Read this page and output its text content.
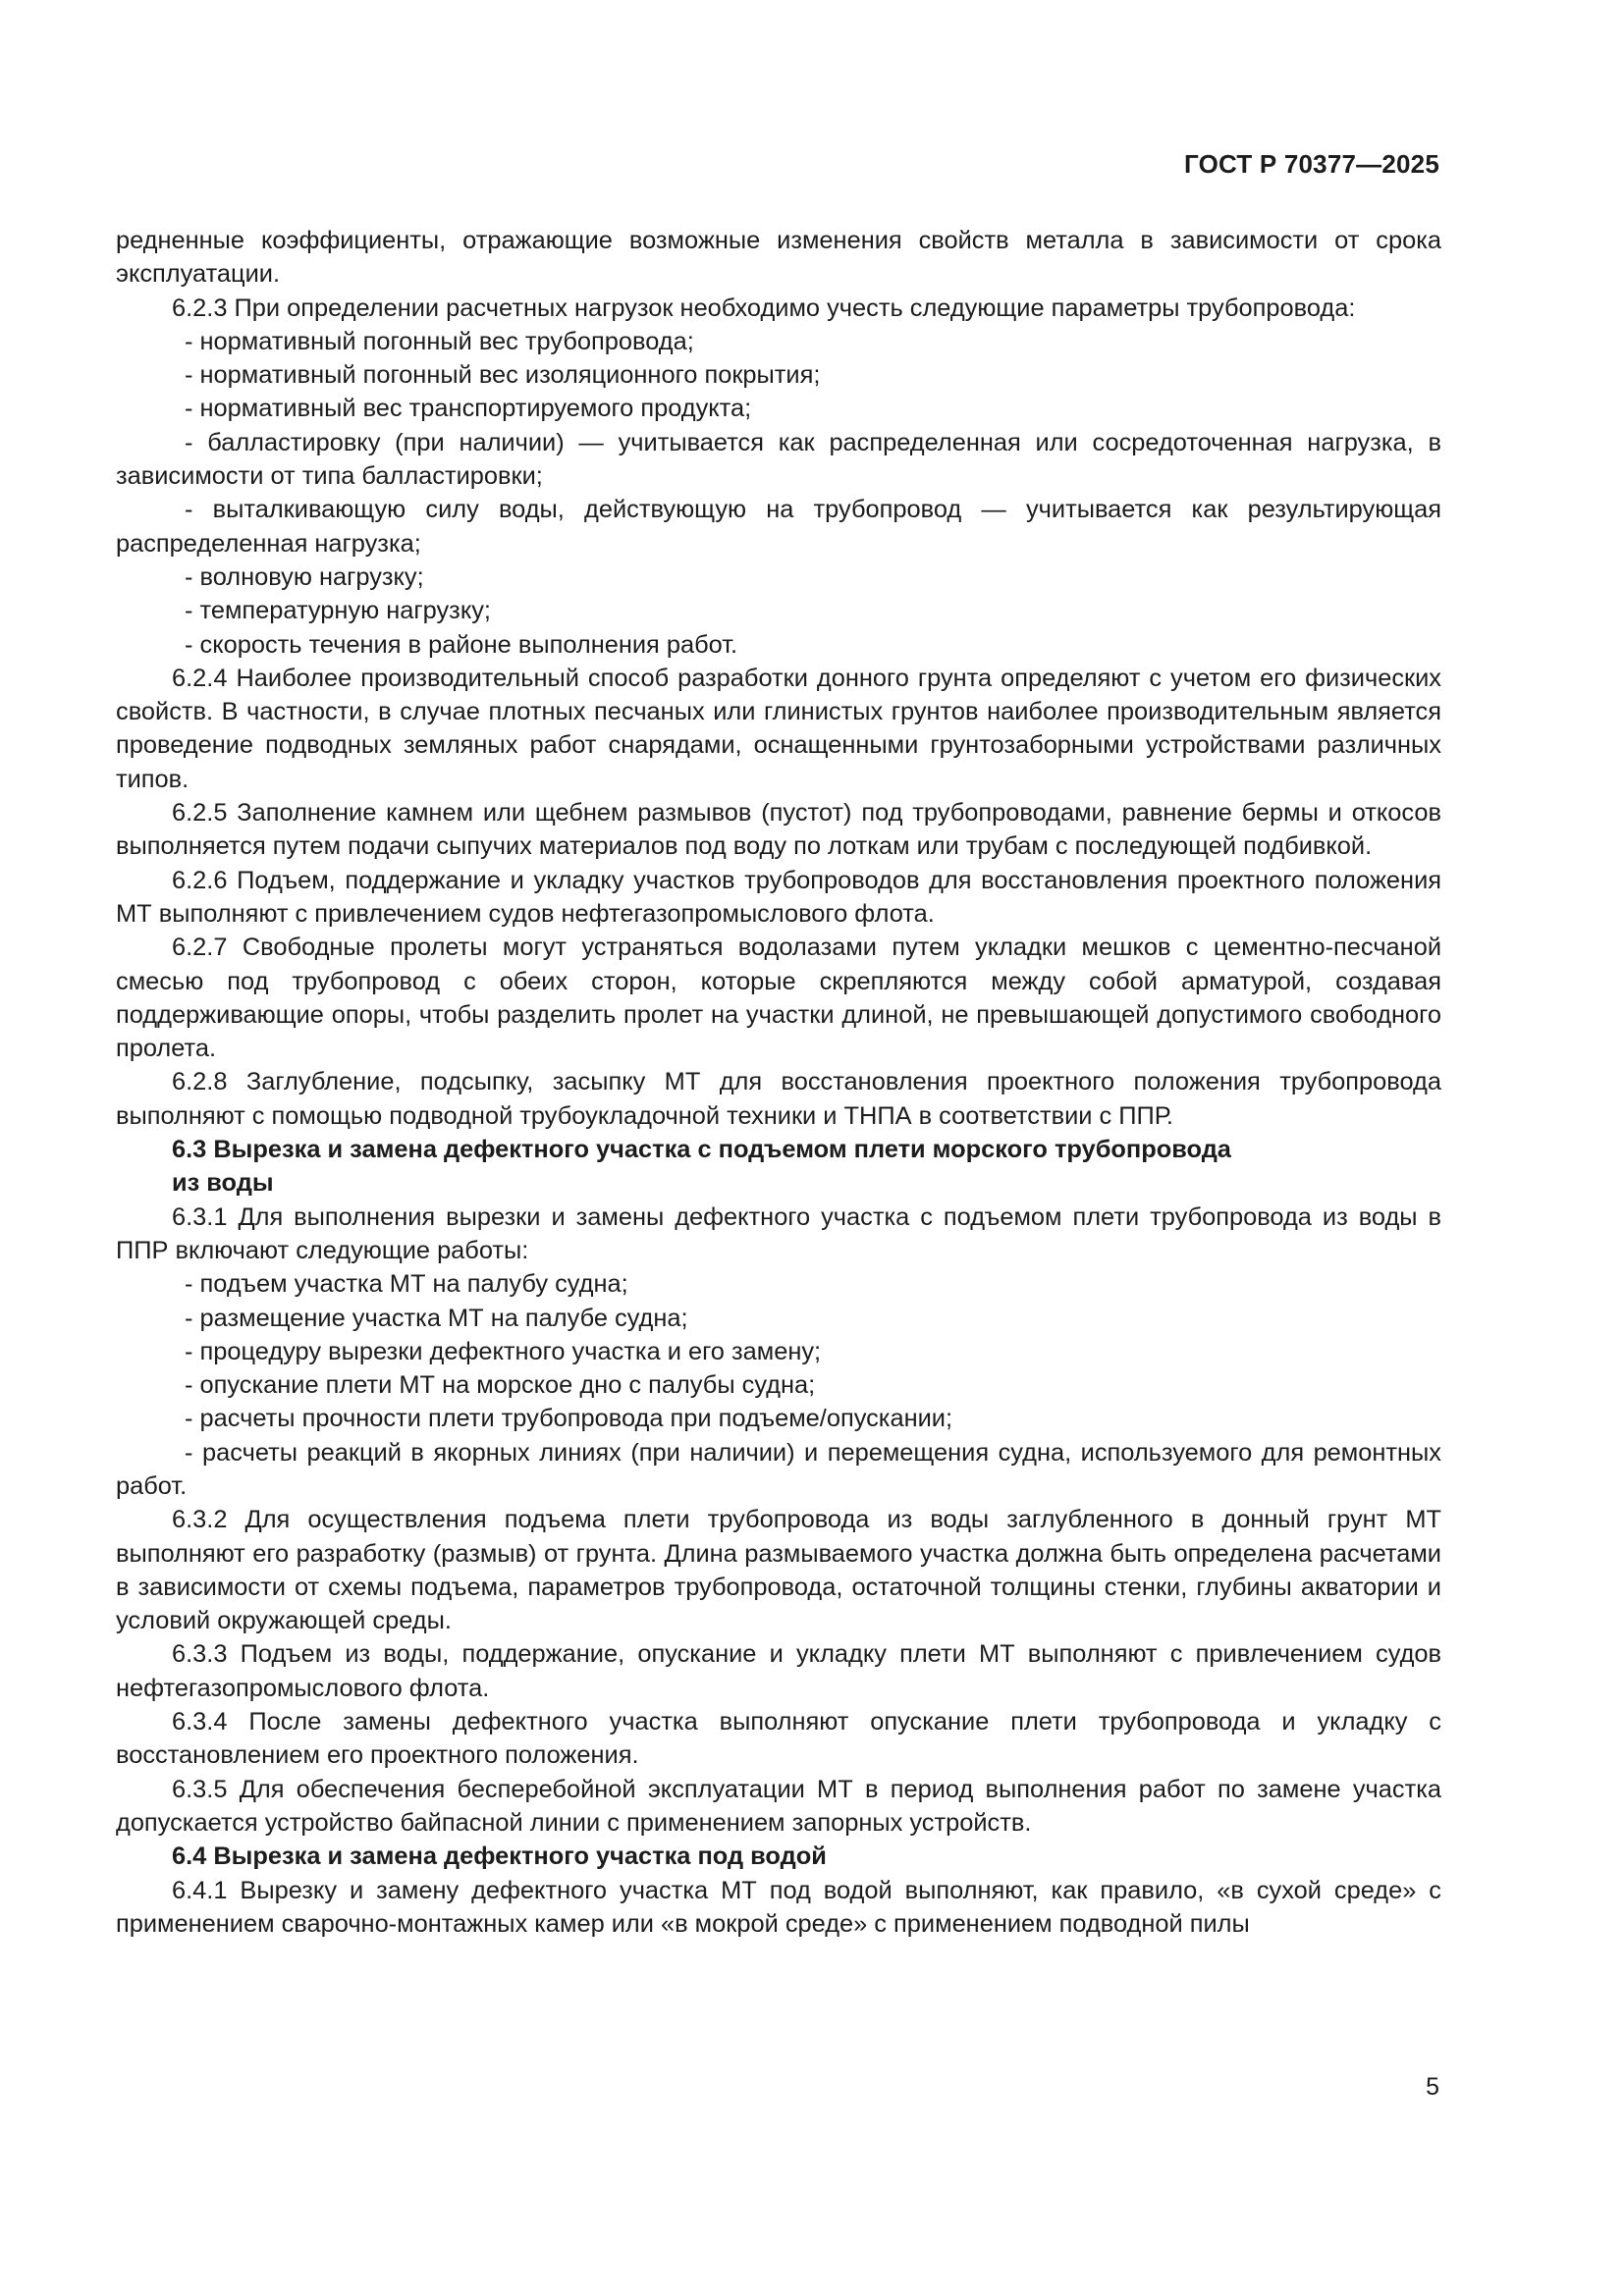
ГОСТ Р 70377—2025

редненные коэффициенты, отражающие возможные изменения свойств металла в зависимости от срока эксплуатации.

6.2.3 При определении расчетных нагрузок необходимо учесть следующие параметры трубопровода:

- нормативный погонный вес трубопровода;

- нормативный погонный вес изоляционного покрытия;

- нормативный вес транспортируемого продукта;

- балластировку (при наличии) — учитывается как распределенная или сосредоточенная нагрузка, в зависимости от типа балластировки;

- выталкивающую силу воды, действующую на трубопровод — учитывается как результирующая распределенная нагрузка;

- волновую нагрузку;

- температурную нагрузку;

- скорость течения в районе выполнения работ.

6.2.4 Наиболее производительный способ разработки донного грунта определяют с учетом его физических свойств. В частности, в случае плотных песчаных или глинистых грунтов наиболее производительным является проведение подводных земляных работ снарядами, оснащенными грунтозаборными устройствами различных типов.

6.2.5 Заполнение камнем или щебнем размывов (пустот) под трубопроводами, равнение бермы и откосов выполняется путем подачи сыпучих материалов под воду по лоткам или трубам с последующей подбивкой.

6.2.6 Подъем, поддержание и укладку участков трубопроводов для восстановления проектного положения МТ выполняют с привлечением судов нефтегазопромыслового флота.

6.2.7 Свободные пролеты могут устраняться водолазами путем укладки мешков с цементно-песчаной смесью под трубопровод с обеих сторон, которые скрепляются между собой арматурой, создавая поддерживающие опоры, чтобы разделить пролет на участки длиной, не превышающей допустимого свободного пролета.

6.2.8 Заглубление, подсыпку, засыпку МТ для восстановления проектного положения трубопровода выполняют с помощью подводной трубоукладочной техники и ТНПА в соответствии с ППР.

6.3 Вырезка и замена дефектного участка с подъемом плети морского трубопровода
из воды

6.3.1 Для выполнения вырезки и замены дефектного участка с подъемом плети трубопровода из воды в ППР включают следующие работы:

- подъем участка МТ на палубу судна;

- размещение участка МТ на палубе судна;

- процедуру вырезки дефектного участка и его замену;

- опускание плети МТ на морское дно с палубы судна;

- расчеты прочности плети трубопровода при подъеме/опускании;

- расчеты реакций в якорных линиях (при наличии) и перемещения судна, используемого для ремонтных работ.

6.3.2 Для осуществления подъема плети трубопровода из воды заглубленного в донный грунт МТ выполняют его разработку (размыв) от грунта. Длина размываемого участка должна быть определена расчетами в зависимости от схемы подъема, параметров трубопровода, остаточной толщины стенки, глубины акватории и условий окружающей среды.

6.3.3 Подъем из воды, поддержание, опускание и укладку плети МТ выполняют с привлечением судов нефтегазопромыслового флота.

6.3.4 После замены дефектного участка выполняют опускание плети трубопровода и укладку с восстановлением его проектного положения.

6.3.5 Для обеспечения бесперебойной эксплуатации МТ в период выполнения работ по замене участка допускается устройство байпасной линии с применением запорных устройств.

6.4 Вырезка и замена дефектного участка под водой

6.4.1 Вырезку и замену дефектного участка МТ под водой выполняют, как правило, «в сухой среде» с применением сварочно-монтажных камер или «в мокрой среде» с применением подводной пилы

5
